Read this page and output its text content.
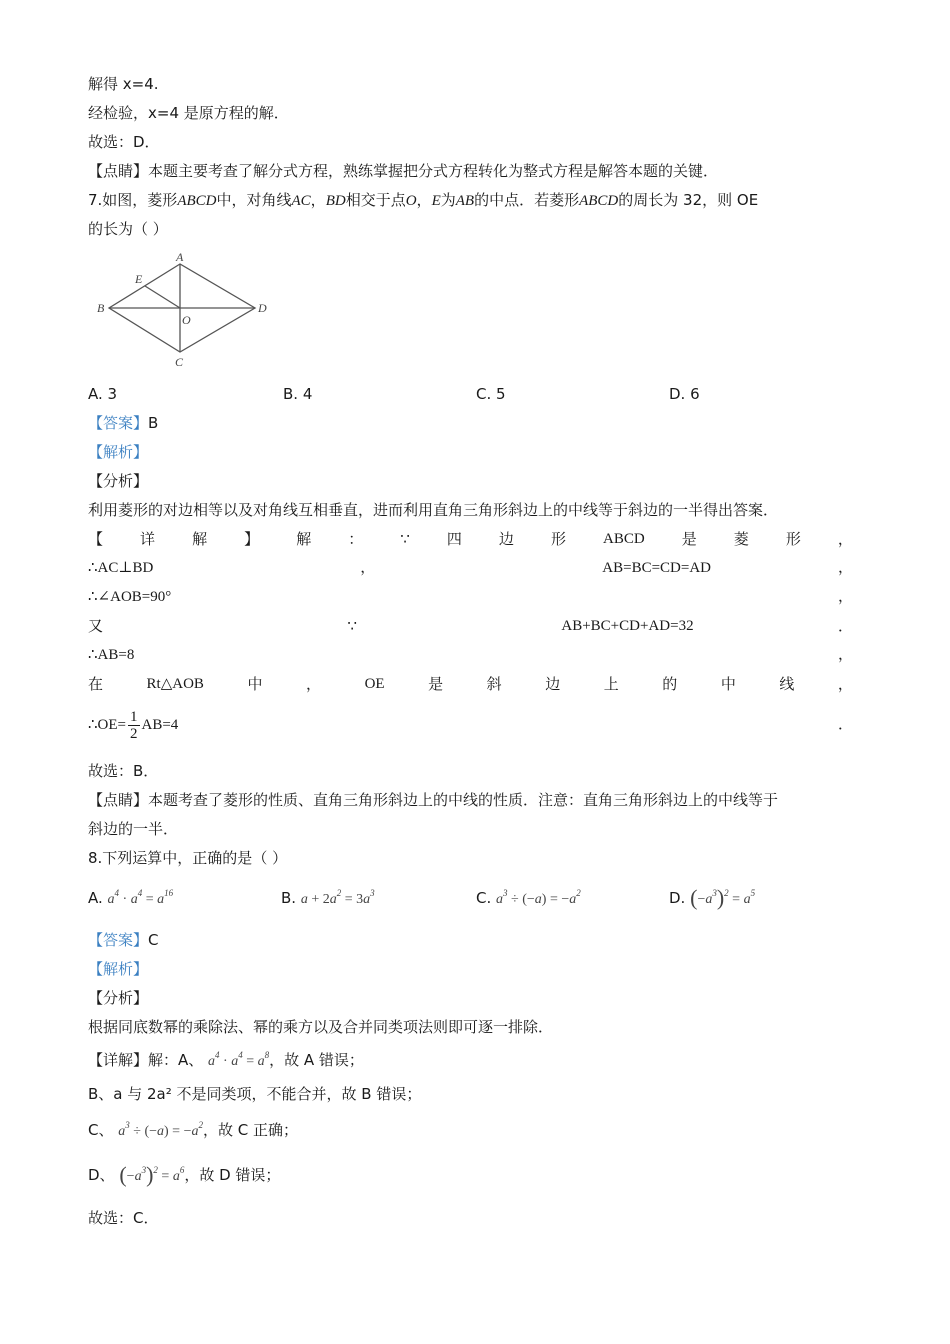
解得 x=4.
经检验，x=4 是原方程的解．
故选：D．
【点睛】本题主要考查了解分式方程，熟练掌握把分式方程转化为整式方程是解答本题的关键．
7.如图，菱形ABCD中，对角线AC，BD相交于点O，E为AB的中点．若菱形ABCD的周长为 32，则 OE
的长为（ ）
A
E
B
O
D
C
A. 3	B. 4	C. 5	D. 6
【答案】B
【解析】
【分析】
利用菱形的对边相等以及对角线互相垂直，进而利用直角三角形斜边上的中线等于斜边的一半得出答案．
【 详 解 】 解 ： ∵ 四 边 形 ABCD 是 菱 形 ，
∴AC⊥BD	，	AB=BC=CD=AD	，
∴∠AOB=90°	，
又	∵	AB+BC+CD+AD=32	．
∴AB=8	，
在	Rt△AOB	中	，	OE	是	斜	边	上	的	中	线	，
∴OE= $\frac{1}{2} AB=4$	．
故选：B．
【点睛】本题考查了菱形的性质、直角三角形斜边上的中线的性质．注意：直角三角形斜边上的中线等于
斜边的一半．
8.下列运算中，正确的是（ ）
A. $a^4 \cdot a^4 = a^{16}$	B. $a + 2a^2 = 3a^3$	C. $a^3 \div (-a) = -a^2$	D. $(-a^3)^2 = a^5$
【答案】C
【解析】
【分析】
根据同底数幂的乘除法、幂的乘方以及合并同类项法则即可逐一排除．
【详解】解：A、 $a^4 \cdot a^4 = a^8$，故 A 错误；
B、a 与 2a² 不是同类项，不能合并，故 B 错误；
C、 $a^3 \div (-a) = -a^2$，故 C 正确；
D、 $(-a^3)^2 = a^6$，故 D 错误；
故选：C．
